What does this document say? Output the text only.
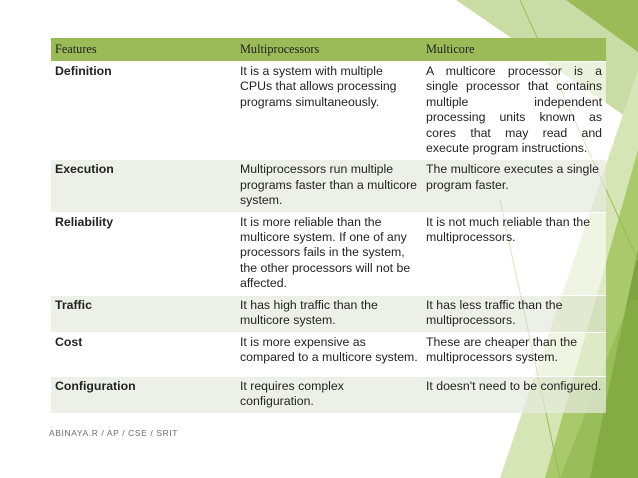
Features	Multiprocessors	Multicore
Definition	It is a system with multiple CPUs that allows processing programs simultaneously.	A multicore processor is a single processor that contains multiple independent processing units known as cores that may read and execute program instructions.
Execution	Multiprocessors run multiple programs faster than a multicore system.	The multicore executes a single program faster.
Reliability	It is more reliable than the multicore system. If one of any processors fails in the system, the other processors will not be affected.	It is not much reliable than the multiprocessors.
Traffic	It has high traffic than the multicore system.	It has less traffic than the multiprocessors.
Cost	It is more expensive as compared to a multicore system.	These are cheaper than the multiprocessors system.
Configuration	It requires complex configuration.	It doesn't need to be configured.
ABINAYA.R / AP / CSE / SRIT
